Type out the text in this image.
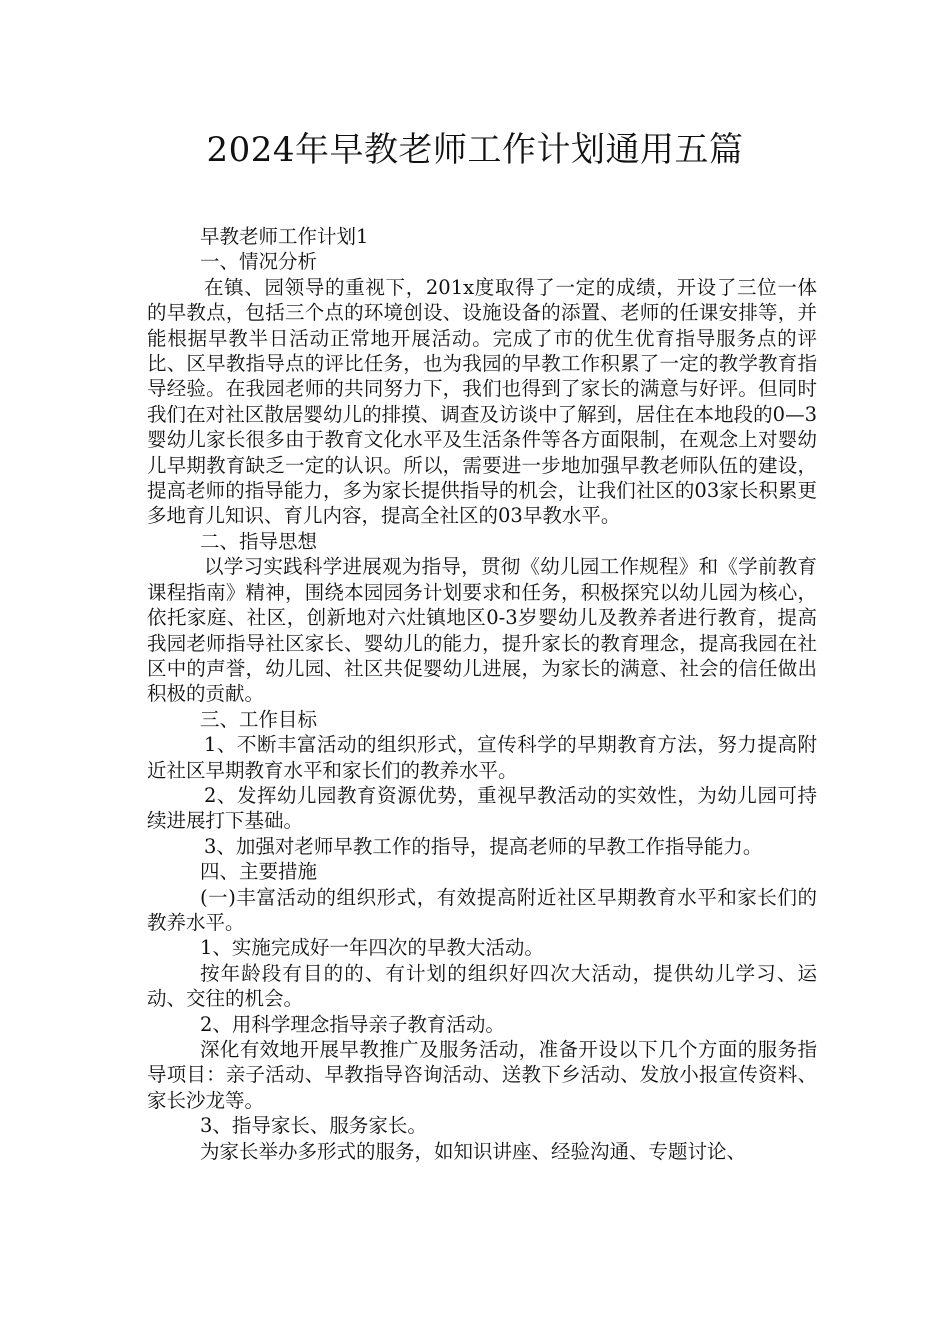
2024年早教老师工作计划通用五篇

早教老师工作计划1

一、情况分析

在镇、园领导的重视下，201x度取得了一定的成绩，开设了三位一体的早教点，包括三个点的环境创设、设施设备的添置、老师的任课安排等，并能根据早教半日活动正常地开展活动。完成了市的优生优育指导服务点的评比、区早教指导点的评比任务，也为我园的早教工作积累了一定的教学教育指导经验。在我园老师的共同努力下，我们也得到了家长的满意与好评。但同时我们在对社区散居婴幼儿的排摸、调查及访谈中了解到，居住在本地段的0—3婴幼儿家长很多由于教育文化水平及生活条件等各方面限制，在观念上对婴幼儿早期教育缺乏一定的认识。所以，需要进一步地加强早教老师队伍的建设，提高老师的指导能力，多为家长提供指导的机会，让我们社区的03家长积累更多地育儿知识、育儿内容，提高全社区的03早教水平。

二、指导思想

以学习实践科学进展观为指导，贯彻《幼儿园工作规程》和《学前教育课程指南》精神，围绕本园园务计划要求和任务，积极探究以幼儿园为核心，依托家庭、社区，创新地对六灶镇地区0-3岁婴幼儿及教养者进行教育，提高我园老师指导社区家长、婴幼儿的能力，提升家长的教育理念，提高我园在社区中的声誉，幼儿园、社区共促婴幼儿进展，为家长的满意、社会的信任做出积极的贡献。

三、工作目标

1、不断丰富活动的组织形式，宣传科学的早期教育方法，努力提高附近社区早期教育水平和家长们的教养水平。

2、发挥幼儿园教育资源优势，重视早教活动的实效性，为幼儿园可持续进展打下基础。

3、加强对老师早教工作的指导，提高老师的早教工作指导能力。

四、主要措施

(一)丰富活动的组织形式，有效提高附近社区早期教育水平和家长们的教养水平。

1、实施完成好一年四次的早教大活动。

按年龄段有目的的、有计划的组织好四次大活动，提供幼儿学习、运动、交往的机会。

2、用科学理念指导亲子教育活动。

深化有效地开展早教推广及服务活动，准备开设以下几个方面的服务指导项目：亲子活动、早教指导咨询活动、送教下乡活动、发放小报宣传资料、家长沙龙等。

3、指导家长、服务家长。

为家长举办多形式的服务，如知识讲座、经验沟通、专题讨论、
